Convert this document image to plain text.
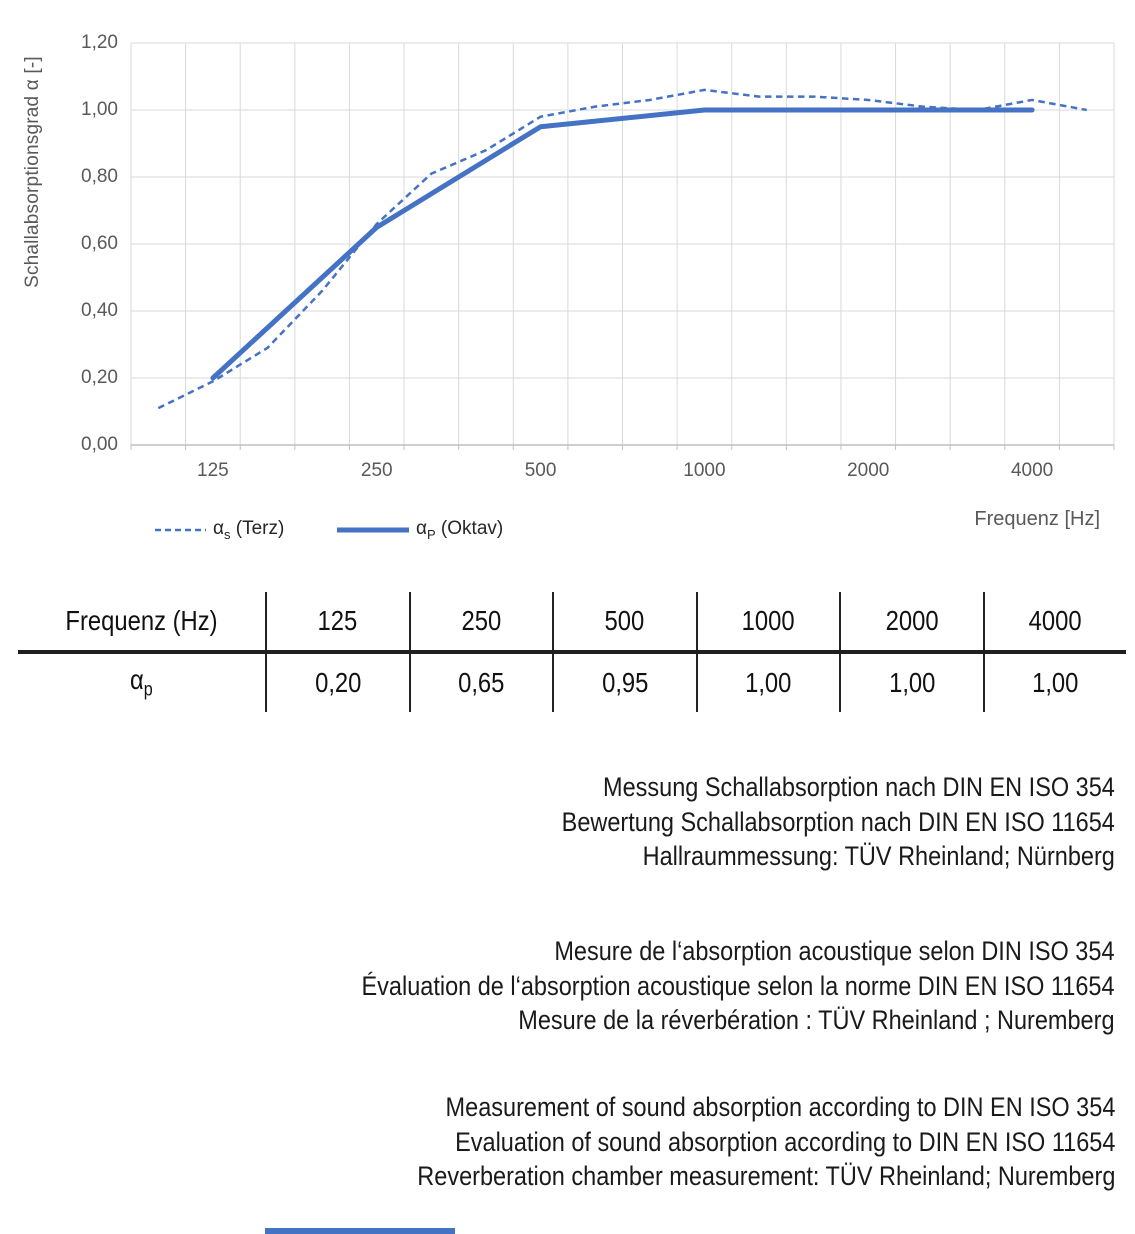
Schallabsorptionsgrad α [-]
1,20
1,00
0,80
0,60
0,40
0,20
0,00
125	250	500	1000	2000	4000
$\alpha_s$ (Terz)	$\alpha_P$ (Oktav)	Frequenz [Hz]
Frequenz (Hz)	125	250	500	1000	2000	4000
$\alpha_p$	0,20	0,65	0,95	1,00	1,00	1,00
Messung Schallabsorption nach DIN EN ISO 354
Bewertung Schallabsorption nach DIN EN ISO 11654
Hallraummessung: TÜV Rheinland; Nürnberg
Mesure de l‘absorption acoustique selon DIN ISO 354
Évaluation de l‘absorption acoustique selon la norme DIN EN ISO 11654
Mesure de la réverbération : TÜV Rheinland ; Nuremberg
Measurement of sound absorption according to DIN EN ISO 354
Evaluation of sound absorption according to DIN EN ISO 11654
Reverberation chamber measurement: TÜV Rheinland; Nuremberg
